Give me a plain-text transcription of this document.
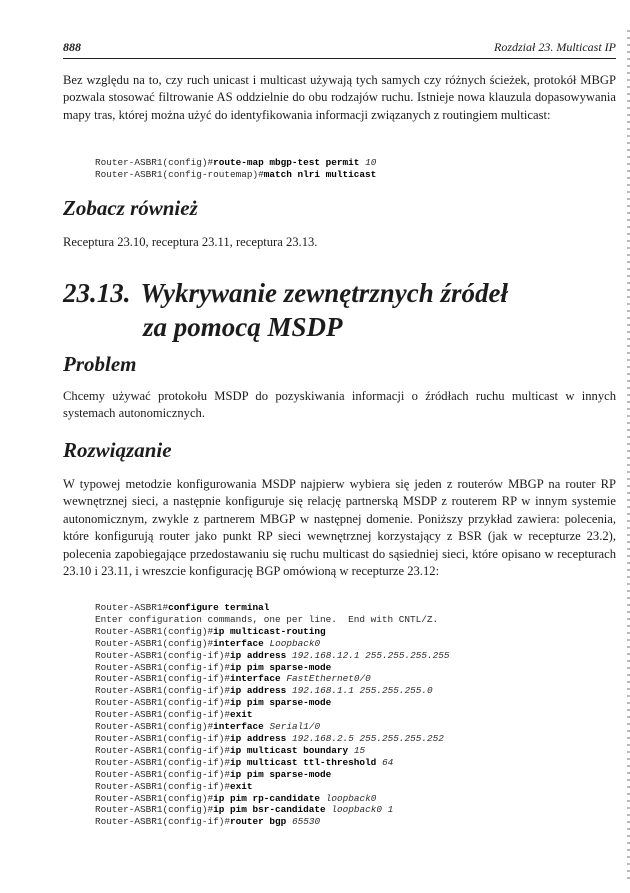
888	Rozdział 23. Multicast IP

Bez względu na to, czy ruch unicast i multicast używają tych samych czy różnych ścieżek, protokół MBGP pozwala stosować filtrowanie AS oddzielnie do obu rodzajów ruchu. Istnieje nowa klauzula dopasowywania mapy tras, której można użyć do identyfikowania informacji związanych z routingiem multicast:

Router-ASBR1(config)#route-map mbgp-test permit 10
Router-ASBR1(config-routemap)#match nlri multicast
Zobacz również

Receptura 23.10, receptura 23.11, receptura 23.13.

23.13. Wykrywanie zewnętrznych źródeł
za pomocą MSDP
Problem

Chcemy używać protokołu MSDP do pozyskiwania informacji o źródłach ruchu multicast w innych systemach autonomicznych.

Rozwiązanie

W typowej metodzie konfigurowania MSDP najpierw wybiera się jeden z routerów MBGP na router RP wewnętrznej sieci, a następnie konfiguruje się relację partnerską MSDP z routerem RP w innym systemie autonomicznym, zwykle z partnerem MBGP w następnej domenie. Poniższy przykład zawiera: polecenia, które konfigurują router jako punkt RP sieci wewnętrznej korzystający z BSR (jak w recepturze 23.2), polecenia zapobiegające przedostawaniu się ruchu multicast do sąsiedniej sieci, które opisano w recepturach 23.10 i 23.11, i wreszcie konfigurację BGP omówioną w recepturze 23.12:

Router-ASBR1#configure terminal
Enter configuration commands, one per line.  End with CNTL/Z.
Router-ASBR1(config)#ip multicast-routing
Router-ASBR1(config)#interface Loopback0
Router-ASBR1(config-if)#ip address 192.168.12.1 255.255.255.255
Router-ASBR1(config-if)#ip pim sparse-mode
Router-ASBR1(config-if)#interface FastEthernet0/0
Router-ASBR1(config-if)#ip address 192.168.1.1 255.255.255.0
Router-ASBR1(config-if)#ip pim sparse-mode
Router-ASBR1(config-if)#exit
Router-ASBR1(config)#interface Serial1/0
Router-ASBR1(config-if)#ip address 192.168.2.5 255.255.255.252
Router-ASBR1(config-if)#ip multicast boundary 15
Router-ASBR1(config-if)#ip multicast ttl-threshold 64
Router-ASBR1(config-if)#ip pim sparse-mode
Router-ASBR1(config-if)#exit
Router-ASBR1(config)#ip pim rp-candidate loopback0
Router-ASBR1(config)#ip pim bsr-candidate loopback0 1
Router-ASBR1(config-if)#router bgp 65530
